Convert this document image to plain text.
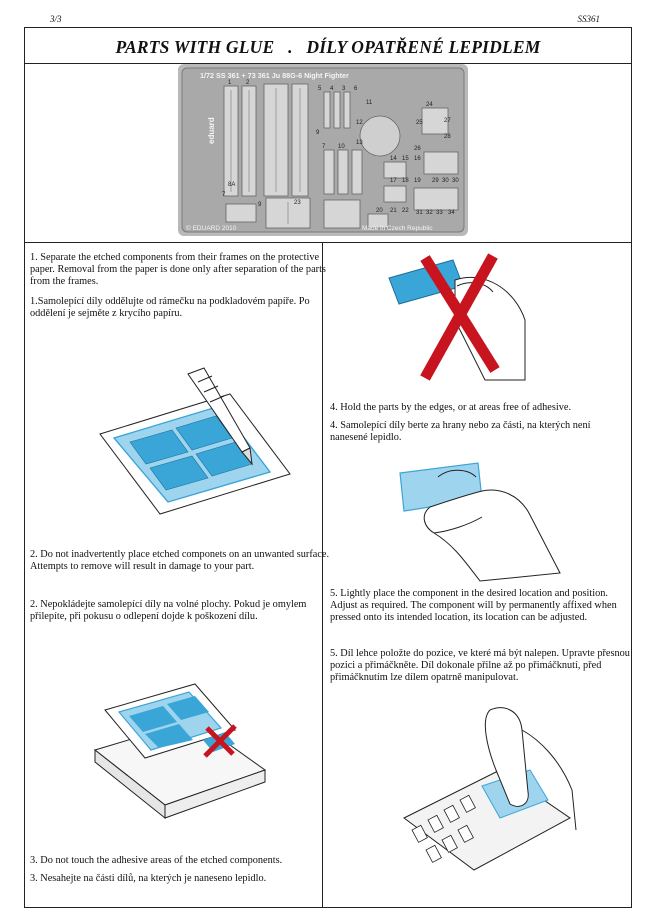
3/3	SS361
PARTS WITH GLUE   .   DÍLY OPATŘENÉ LEPIDLEM
1/72 SS 361 + 73 361 Ju 88G-6 Night Fighter
eduard
1 2
5 4 3 6
11
12
13
10
9
7
24
25	27
28
26
14 15 16
17 18 19 29 30 30
20 21 22 31 32 33 34
7
8A
9	23
© EDUARD 2010	Made in Czech Republic
1. Separate the etched components from their frames on the protective paper. Removal from the paper is done only after separation of the parts from the frames.
1.Samolepící díly oddělujte od rámečku na podkladovém papíře. Po oddělení je sejměte z krycího papíru.
2. Do not inadvertently place etched componets on an unwanted surface. Attempts to remove will result in damage to your part.
2. Nepokládejte samolepící díly na volné plochy. Pokud je omylem přilepíte, při pokusu o odlepení dojde k poškození dílu.
3. Do not touch the adhesive areas of the etched components.
3. Nesahejte na části dílů, na kterých je naneseno lepidlo.
4. Hold the parts by the edges, or at areas free of adhesive.
4. Samolepící díly berte za hrany nebo za části, na kterých není nanesené lepidlo.
5. Lightly place the component in the desired location and position. Adjust as required. The component will by permanently affixed when pressed onto its intended location, its location can be adjusted.
5. Díl lehce položte do pozice, ve které má být nalepen. Upravte přesnou pozici a přimáčkněte. Díl dokonale přilne až po přimáčknutí, před přimáčknutím lze dílem opatrně manipulovat.
